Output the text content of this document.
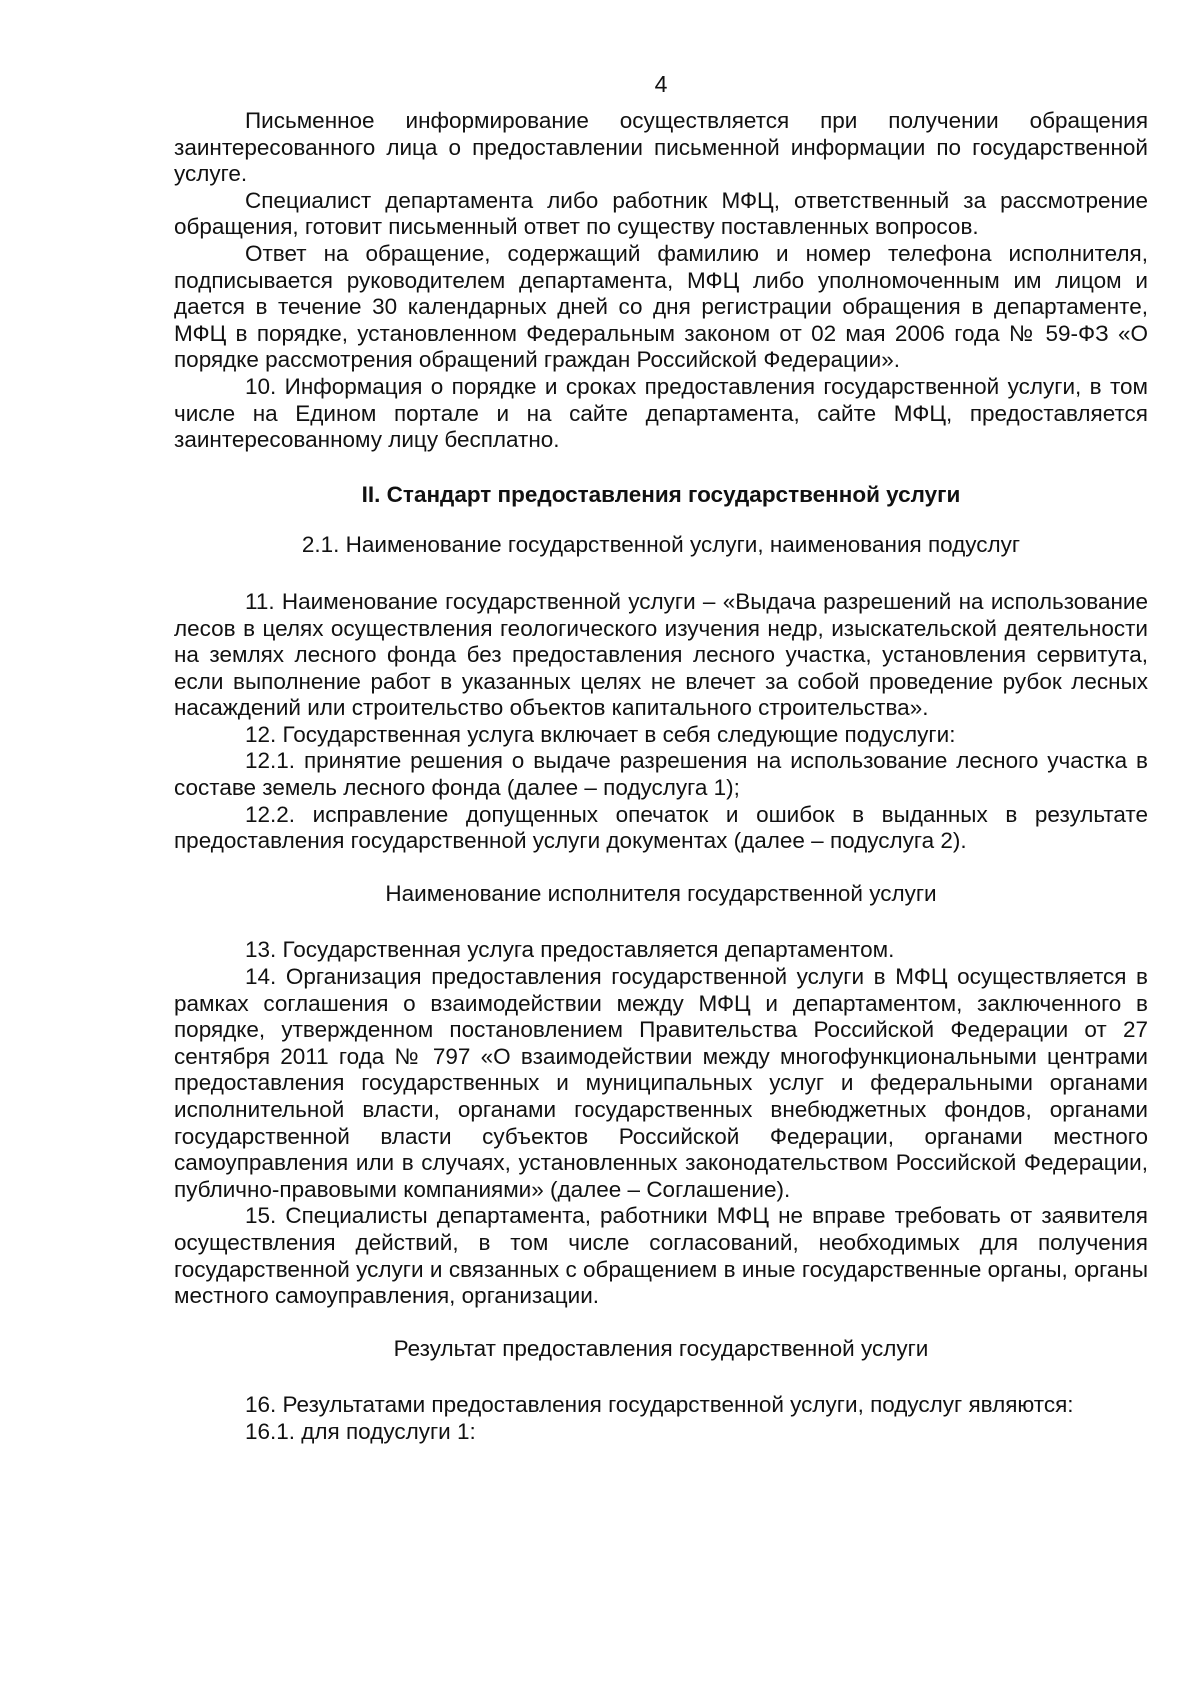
4

Письменное информирование осуществляется при получении обращения заинтересованного лица о предоставлении письменной информации по государственной услуге.

Специалист департамента либо работник МФЦ, ответственный за рассмотрение обращения, готовит письменный ответ по существу поставленных вопросов.

Ответ на обращение, содержащий фамилию и номер телефона исполнителя, подписывается руководителем департамента, МФЦ либо уполномоченным им лицом и дается в течение 30 календарных дней со дня регистрации обращения в департаменте, МФЦ в порядке, установленном Федеральным законом от 02 мая 2006 года № 59-ФЗ «О порядке рассмотрения обращений граждан Российской Федерации».

10. Информация о порядке и сроках предоставления государственной услуги, в том числе на Едином портале и на сайте департамента, сайте МФЦ, предоставляется заинтересованному лицу бесплатно.

II. Стандарт предоставления государственной услуги
2.1. Наименование государственной услуги, наименования подуслуг

11. Наименование государственной услуги – «Выдача разрешений на использование лесов в целях осуществления геологического изучения недр, изыскательской деятельности на землях лесного фонда без предоставления лесного участка, установления сервитута, если выполнение работ в указанных целях не влечет за собой проведение рубок лесных насаждений или строительство объектов капитального строительства».

12. Государственная услуга включает в себя следующие подуслуги:

12.1. принятие решения о выдаче разрешения на использование лесного участка в составе земель лесного фонда (далее – подуслуга 1);

12.2. исправление допущенных опечаток и ошибок в выданных в результате предоставления государственной услуги документах (далее – подуслуга 2).

Наименование исполнителя государственной услуги

13. Государственная услуга предоставляется департаментом.

14. Организация предоставления государственной услуги в МФЦ осуществляется в рамках соглашения о взаимодействии между МФЦ и департаментом, заключенного в порядке, утвержденном постановлением Правительства Российской Федерации от 27 сентября 2011 года № 797 «О взаимодействии между многофункциональными центрами предоставления государственных и муниципальных услуг и федеральными органами исполнительной власти, органами государственных внебюджетных фондов, органами государственной власти субъектов Российской Федерации, органами местного самоуправления или в случаях, установленных законодательством Российской Федерации, публично-правовыми компаниями» (далее – Соглашение).

15. Специалисты департамента, работники МФЦ не вправе требовать от заявителя осуществления действий, в том числе согласований, необходимых для получения государственной услуги и связанных с обращением в иные государственные органы, органы местного самоуправления, организации.

Результат предоставления государственной услуги

16. Результатами предоставления государственной услуги, подуслуг являются:

16.1. для подуслуги 1:
